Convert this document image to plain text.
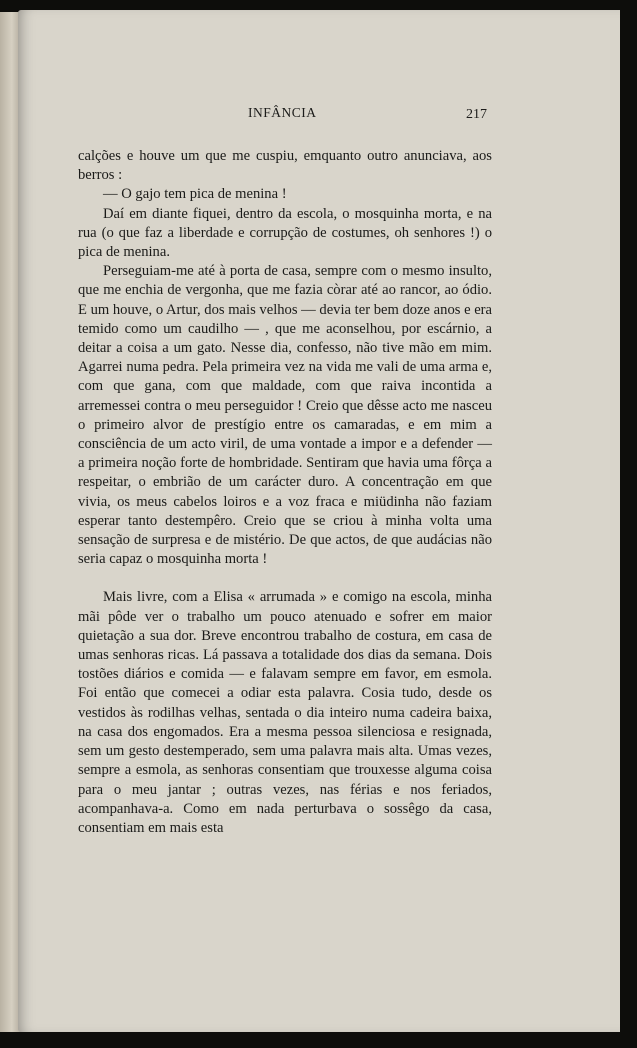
INFÂNCIA	217

calções e houve um que me cuspiu, emquanto outro anunciava, aos berros :

— O gajo tem pica de menina !

Daí em diante fiquei, dentro da escola, o mosquinha morta, e na rua (o que faz a liberdade e corrupção de costumes, oh senhores !) o pica de menina.

Perseguiam-me até à porta de casa, sempre com o mesmo insulto, que me enchia de vergonha, que me fazia còrar até ao rancor, ao ódio. E um houve, o Artur, dos mais velhos — devia ter bem doze anos e era temido como um caudilho — , que me aconselhou, por escárnio, a deitar a coisa a um gato. Nesse dia, confesso, não tive mão em mim. Agarrei numa pedra. Pela primeira vez na vida me vali de uma arma e, com que gana, com que maldade, com que raiva incontida a arremessei contra o meu perseguidor ! Creio que dêsse acto me nasceu o primeiro alvor de prestígio entre os camaradas, e em mim a consciência de um acto viril, de uma vontade a impor e a defender — a primeira noção forte de hombridade. Sentiram que havia uma fôrça a respeitar, o embrião de um carácter duro. A concentração em que vivia, os meus cabelos loiros e a voz fraca e miüdinha não faziam esperar tanto destempêro. Creio que se criou à minha volta uma sensação de surpresa e de mistério. De que actos, de que audácias não seria capaz o mosquinha morta !

Mais livre, com a Elisa « arrumada » e comigo na escola, minha mãi pôde ver o trabalho um pouco atenuado e sofrer em maior quietação a sua dor. Breve encontrou trabalho de costura, em casa de umas senhoras ricas. Lá passava a totalidade dos dias da semana. Dois tostões diários e comida — e falavam sempre em favor, em esmola. Foi então que comecei a odiar esta palavra. Cosia tudo, desde os vestidos às rodilhas velhas, sentada o dia inteiro numa cadeira baixa, na casa dos engomados. Era a mesma pessoa silenciosa e resignada, sem um gesto destemperado, sem uma palavra mais alta. Umas vezes, sempre a esmola, as senhoras consentiam que trouxesse alguma coisa para o meu jantar ; outras vezes, nas férias e nos feriados, acompanhava-a. Como em nada perturbava o sossêgo da casa, consentiam em mais esta
